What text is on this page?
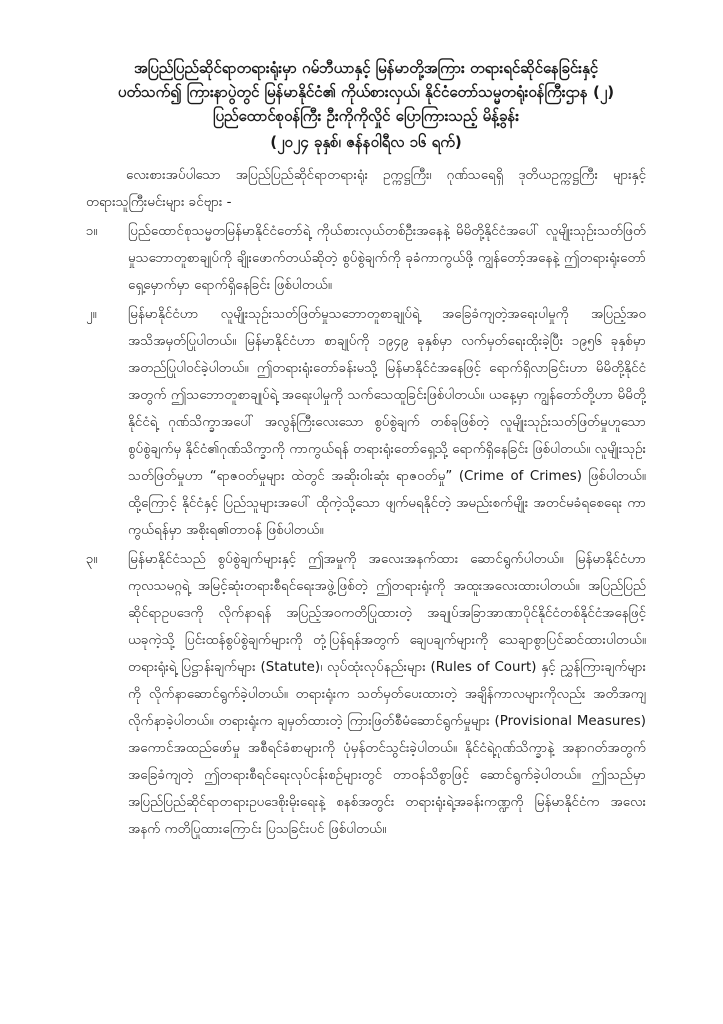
အပြည်ပြည်ဆိုင်ရာတရားရုံးမှာ ဂမ်ဘီယာနှင့် မြန်မာတို့အကြား တရားရင်ဆိုင်နေခြင်းနှင့်

ပတ်သက်၍ ကြားနာပွဲတွင် မြန်မာနိုင်ငံ၏ ကိုယ်စားလှယ်၊ နိုင်ငံတော်သမ္မတရုံးဝန်ကြီးဌာန (၂)

ပြည်ထောင်စုဝန်ကြီး ဦးကိုကိုလှိုင် ပြောကြားသည့် မိန့်ခွန်း

(၂၀၂၄ ခုနှစ်၊ ဇန်နဝါရီလ ၁၆ ရက်)

လေးစားအပ်ပါသော အပြည်ပြည်ဆိုင်ရာတရားရုံး ဥက္ကဋ္ဌကြီး၊ ဂုဏ်သရေရှိ ဒုတိယဥက္ကဋ္ဌကြီး များနှင့် တရားသူကြီးမင်းများ ခင်ဗျား -

၁။	ပြည်ထောင်စုသမ္မတမြန်မာနိုင်ငံတော်ရဲ့ ကိုယ်စားလှယ်တစ်ဦးအနေနဲ့ မိမိတို့နိုင်ငံအပေါ် လူမျိုးသုဉ်းသတ်ဖြတ်မှုသဘောတူစာချုပ်ကို ချိုးဖောက်တယ်ဆိုတဲ့ စွပ်စွဲချက်ကို ခုခံကာကွယ်ဖို့ ကျွန်တော့်အနေနဲ့ ဤတရားရုံးတော်ရှေ့မှောက်မှာ ရောက်ရှိနေခြင်း ဖြစ်ပါတယ်။
၂။	မြန်မာနိုင်ငံဟာ လူမျိုးသုဉ်းသတ်ဖြတ်မှုသဘောတူစာချုပ်ရဲ့ အခြေခံကျတဲ့အရေးပါမှုကို အပြည့်အဝ အသိအမှတ်ပြုပါတယ်။ မြန်မာနိုင်ငံဟာ စာချုပ်ကို ၁၉၄၉ ခုနှစ်မှာ လက်မှတ်ရေးထိုးခဲ့ပြီး ၁၉၅၆ ခုနှစ်မှာ အတည်ပြုပါဝင်ခဲ့ပါတယ်။ ဤတရားရုံးတော်ခန်းမသို့ မြန်မာနိုင်ငံအနေဖြင့် ရောက်ရှိလာခြင်းဟာ မိမိတို့နိုင်ငံအတွက် ဤသဘောတူစာချုပ်ရဲ့ အရေးပါမှုကို သက်သေထူခြင်းဖြစ်ပါတယ်။ ယနေ့မှာ ကျွန်တော်တို့ဟာ မိမိတို့နိုင်ငံရဲ့ ဂုဏ်သိက္ခာအပေါ် အလွန်ကြီးလေးသော စွပ်စွဲချက် တစ်ခုဖြစ်တဲ့ လူမျိုးသုဉ်းသတ်ဖြတ်မှုဟူသော စွပ်စွဲချက်မှ နိုင်ငံ၏ဂုဏ်သိက္ခာကို ကာကွယ်ရန် တရားရုံးတော်ရှေ့သို့ ရောက်ရှိနေခြင်း ဖြစ်ပါတယ်။ လူမျိုးသုဉ်းသတ်ဖြတ်မှုဟာ “ရာဇဝတ်မှုများ ထဲတွင် အဆိုးဝါးဆုံး ရာဇဝတ်မှု” (Crime of Crimes) ဖြစ်ပါတယ်။ ထို့ကြောင့် နိုင်ငံနှင့် ပြည်သူများအပေါ် ထိုကဲ့သို့သော ဖျက်မရနိုင်တဲ့ အမည်းစက်မျိုး အတင်မခံရစေရေး ကာကွယ်ရန်မှာ အစိုးရ၏တာဝန် ဖြစ်ပါတယ်။
၃။	မြန်မာနိုင်ငံသည် စွပ်စွဲချက်များနှင့် ဤအမှုကို အလေးအနက်ထား ဆောင်ရွက်ပါတယ်။ မြန်မာနိုင်ငံဟာ ကုလသမဂ္ဂရဲ့ အမြင့်ဆုံးတရားစီရင်ရေးအဖွဲ့ဖြစ်တဲ့ ဤတရားရုံးကို အထူးအလေးထားပါတယ်။ အပြည်ပြည်ဆိုင်ရာဥပဒေကို လိုက်နာရန် အပြည့်အဝကတိပြုထားတဲ့ အချုပ်အခြာအာဏာပိုင်နိုင်ငံတစ်နိုင်ငံအနေဖြင့် ယခုကဲ့သို့ ပြင်းထန်စွပ်စွဲချက်များကို တုံ့ပြန်ရန်အတွက် ချေပချက်များကို သေချာစွာပြင်ဆင်ထားပါတယ်။ တရားရုံးရဲ့ ပြဋ္ဌာန်းချက်များ (Statute)၊ လုပ်ထုံးလုပ်နည်းများ (Rules of Court) နှင့် ညွှန်ကြားချက်များကို လိုက်နာဆောင်ရွက်ခဲ့ပါတယ်။ တရားရုံးက သတ်မှတ်ပေးထားတဲ့ အချိန်ကာလများကိုလည်း အတိအကျလိုက်နာခဲ့ပါတယ်။ တရားရုံးက ချမှတ်ထားတဲ့ ကြားဖြတ်စီမံဆောင်ရွက်မှုများ (Provisional Measures) အကောင်အထည်ဖော်မှု အစီရင်ခံစာများကို ပုံမှန်တင်သွင်းခဲ့ပါတယ်။ နိုင်ငံရဲ့ဂုဏ်သိက္ခာနဲ့ အနာဂတ်အတွက် အခြေခံကျတဲ့ ဤတရားစီရင်ရေးလုပ်ငန်းစဉ်များတွင် တာဝန်သိစွာဖြင့် ဆောင်ရွက်ခဲ့ပါတယ်။ ဤသည်မှာ အပြည်ပြည်ဆိုင်ရာတရားဥပဒေစိုးမိုးရေးနဲ့ စနစ်အတွင်း တရားရုံးရဲ့အခန်းကဏ္ဍကို မြန်မာနိုင်ငံက အလေးအနက် ကတိပြုထားကြောင်း ပြသခြင်းပင် ဖြစ်ပါတယ်။
